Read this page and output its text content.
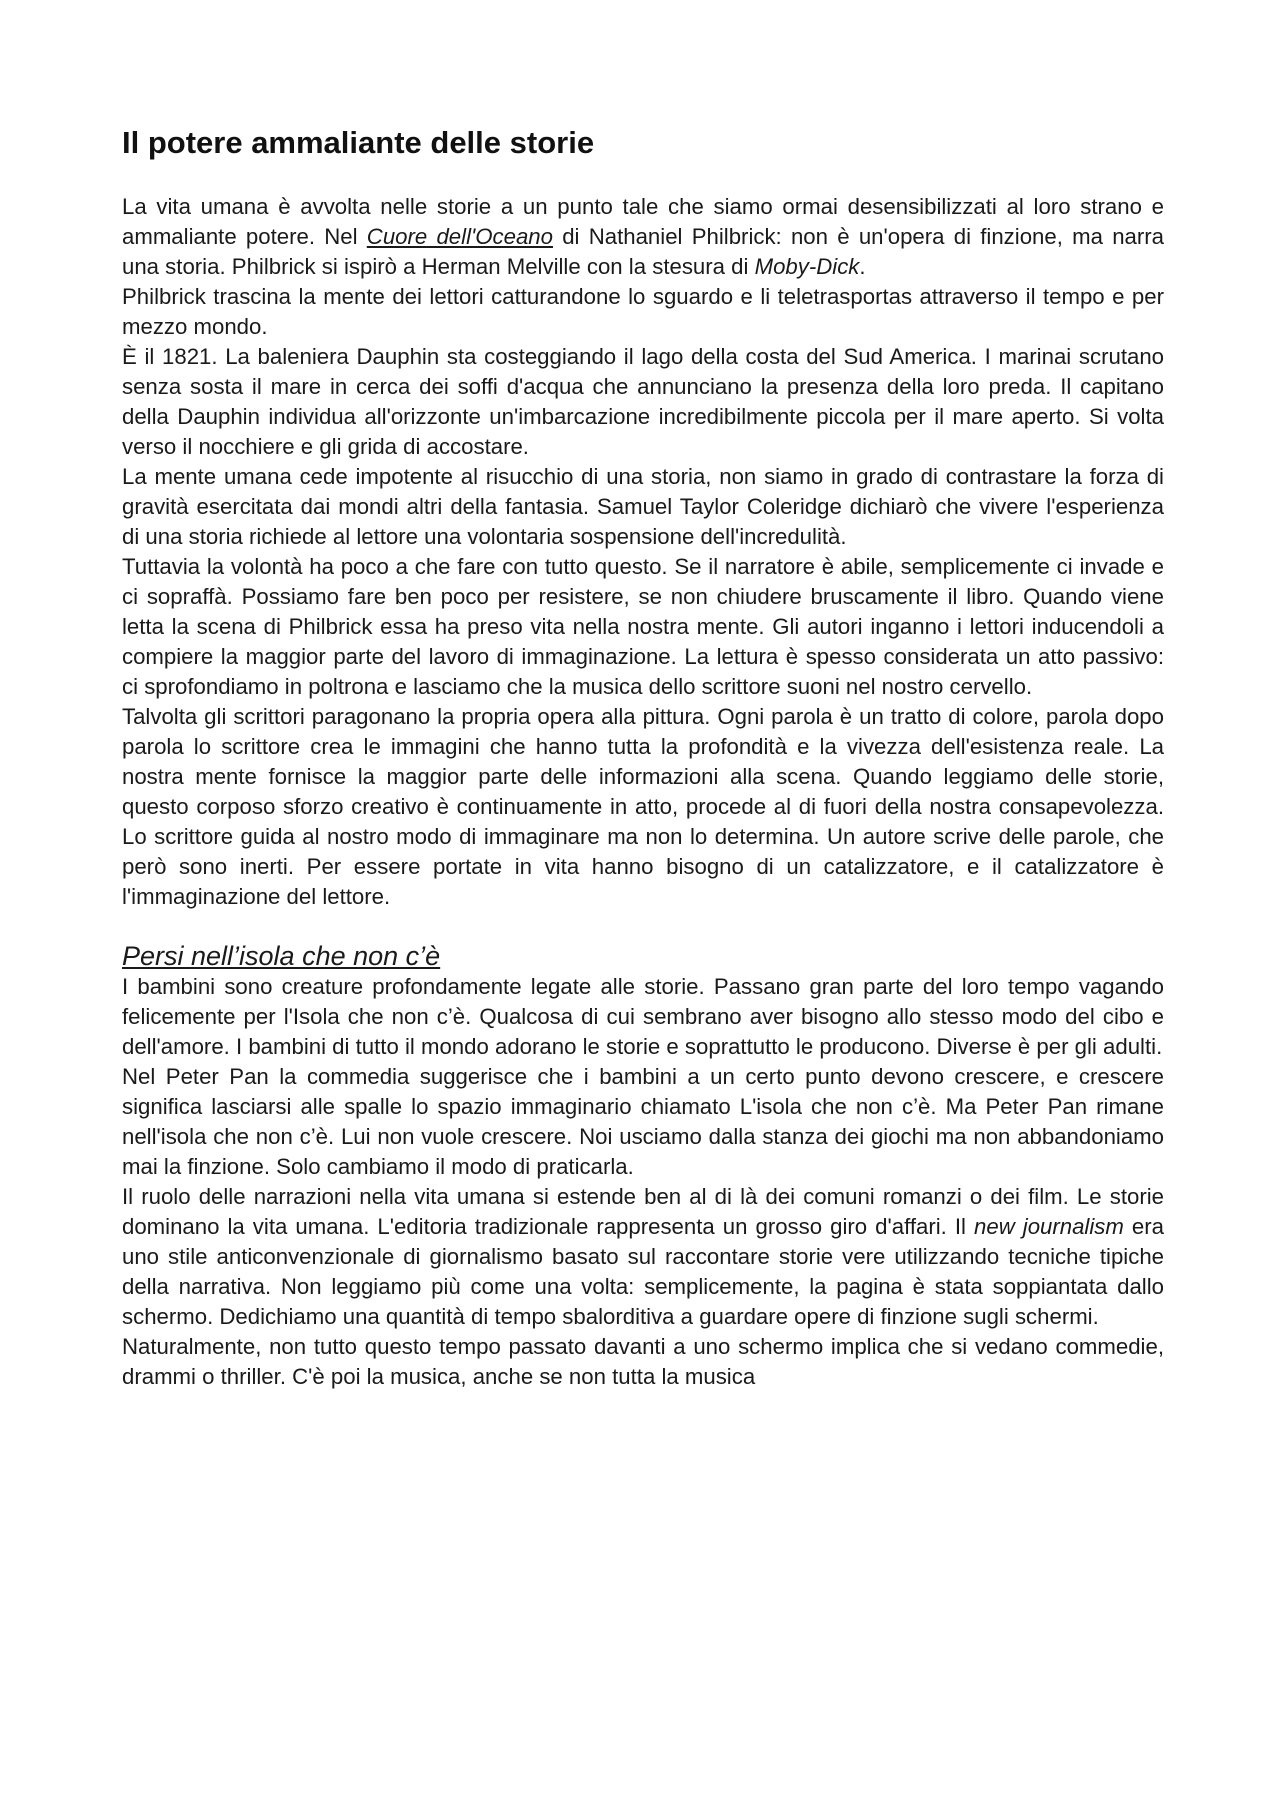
Il potere ammaliante delle storie

La vita umana è avvolta nelle storie a un punto tale che siamo ormai desensibilizzati al loro strano e ammaliante potere. Nel Cuore dell'Oceano di Nathaniel Philbrick: non è un'opera di finzione, ma narra una storia. Philbrick si ispirò a Herman Melville con la stesura di Moby-Dick.

Philbrick trascina la mente dei lettori catturandone lo sguardo e li teletrasportas attraverso il tempo e per mezzo mondo.

È il 1821. La baleniera Dauphin sta costeggiando il lago della costa del Sud America. I marinai scrutano senza sosta il mare in cerca dei soffi d'acqua che annunciano la presenza della loro preda. Il capitano della Dauphin individua all'orizzonte un'imbarcazione incredibilmente piccola per il mare aperto. Si volta verso il nocchiere e gli grida di accostare.

La mente umana cede impotente al risucchio di una storia, non siamo in grado di contrastare la forza di gravità esercitata dai mondi altri della fantasia. Samuel Taylor Coleridge dichiarò che vivere l'esperienza di una storia richiede al lettore una volontaria sospensione dell'incredulità.

Tuttavia la volontà ha poco a che fare con tutto questo. Se il narratore è abile, semplicemente ci invade e ci sopraffà. Possiamo fare ben poco per resistere, se non chiudere bruscamente il libro. Quando viene letta la scena di Philbrick essa ha preso vita nella nostra mente. Gli autori inganno i lettori inducendoli a compiere la maggior parte del lavoro di immaginazione. La lettura è spesso considerata un atto passivo: ci sprofondiamo in poltrona e lasciamo che la musica dello scrittore suoni nel nostro cervello.

Talvolta gli scrittori paragonano la propria opera alla pittura. Ogni parola è un tratto di colore, parola dopo parola lo scrittore crea le immagini che hanno tutta la profondità e la vivezza dell'esistenza reale. La nostra mente fornisce la maggior parte delle informazioni alla scena. Quando leggiamo delle storie, questo corposo sforzo creativo è continuamente in atto, procede al di fuori della nostra consapevolezza. Lo scrittore guida al nostro modo di immaginare ma non lo determina. Un autore scrive delle parole, che però sono inerti. Per essere portate in vita hanno bisogno di un catalizzatore, e il catalizzatore è l'immaginazione del lettore.

Persi nell’isola che non c’è

I bambini sono creature profondamente legate alle storie. Passano gran parte del loro tempo vagando felicemente per l'Isola che non c’è. Qualcosa di cui sembrano aver bisogno allo stesso modo del cibo e dell'amore. I bambini di tutto il mondo adorano le storie e soprattutto le producono. Diverse è per gli adulti.

Nel Peter Pan la commedia suggerisce che i bambini a un certo punto devono crescere, e crescere significa lasciarsi alle spalle lo spazio immaginario chiamato L'isola che non c’è. Ma Peter Pan rimane nell'isola che non c’è. Lui non vuole crescere. Noi usciamo dalla stanza dei giochi ma non abbandoniamo mai la finzione. Solo cambiamo il modo di praticarla.

Il ruolo delle narrazioni nella vita umana si estende ben al di là dei comuni romanzi o dei film. Le storie dominano la vita umana. L'editoria tradizionale rappresenta un grosso giro d'affari. Il new journalism era uno stile anticonvenzionale di giornalismo basato sul raccontare storie vere utilizzando tecniche tipiche della narrativa. Non leggiamo più come una volta: semplicemente, la pagina è stata soppiantata dallo schermo. Dedichiamo una quantità di tempo sbalorditiva a guardare opere di finzione sugli schermi.

Naturalmente, non tutto questo tempo passato davanti a uno schermo implica che si vedano commedie, drammi o thriller. C'è poi la musica, anche se non tutta la musica
